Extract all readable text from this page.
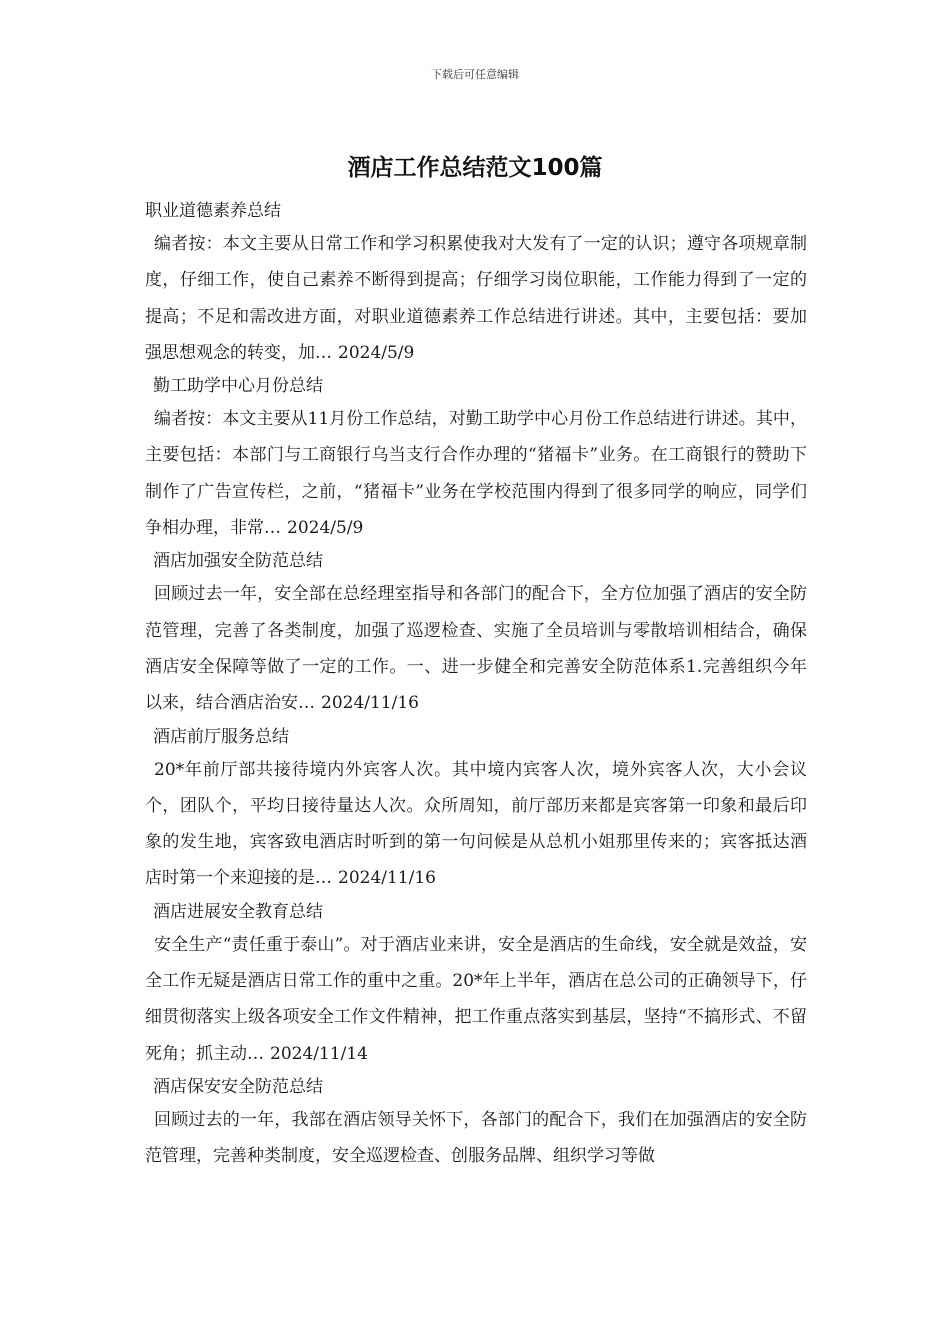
下载后可任意编辑
酒店工作总结范文100篇
职业道德素养总结

编者按：本文主要从日常工作和学习积累使我对大发有了一定的认识；遵守各项规章制度，仔细工作，使自己素养不断得到提高；仔细学习岗位职能，工作能力得到了一定的提高；不足和需改进方面，对职业道德素养工作总结进行讲述。其中，主要包括：要加强思想观念的转变，加… 2024/5/9

勤工助学中心月份总结

编者按：本文主要从11月份工作总结，对勤工助学中心月份工作总结进行讲述。其中，主要包括：本部门与工商银行乌当支行合作办理的“猪福卡”业务。在工商银行的赞助下制作了广告宣传栏，之前，“猪福卡”业务在学校范围内得到了很多同学的响应，同学们争相办理，非常… 2024/5/9

酒店加强安全防范总结

回顾过去一年，安全部在总经理室指导和各部门的配合下，全方位加强了酒店的安全防范管理，完善了各类制度，加强了巡逻检查、实施了全员培训与零散培训相结合，确保酒店安全保障等做了一定的工作。一、进一步健全和完善安全防范体系1.完善组织今年以来，结合酒店治安… 2024/11/16

酒店前厅服务总结

20*年前厅部共接待境内外宾客人次。其中境内宾客人次，境外宾客人次，大小会议个，团队个，平均日接待量达人次。众所周知，前厅部历来都是宾客第一印象和最后印象的发生地，宾客致电酒店时听到的第一句问候是从总机小姐那里传来的；宾客抵达酒店时第一个来迎接的是… 2024/11/16

酒店进展安全教育总结

安全生产“责任重于泰山”。对于酒店业来讲，安全是酒店的生命线，安全就是效益，安全工作无疑是酒店日常工作的重中之重。20*年上半年，酒店在总公司的正确领导下，仔细贯彻落实上级各项安全工作文件精神，把工作重点落实到基层，坚持“不搞形式、不留死角；抓主动… 2024/11/14

酒店保安安全防范总结

回顾过去的一年，我部在酒店领导关怀下，各部门的配合下，我们在加强酒店的安全防范管理，完善种类制度，安全巡逻检查、创服务品牌、组织学习等做
